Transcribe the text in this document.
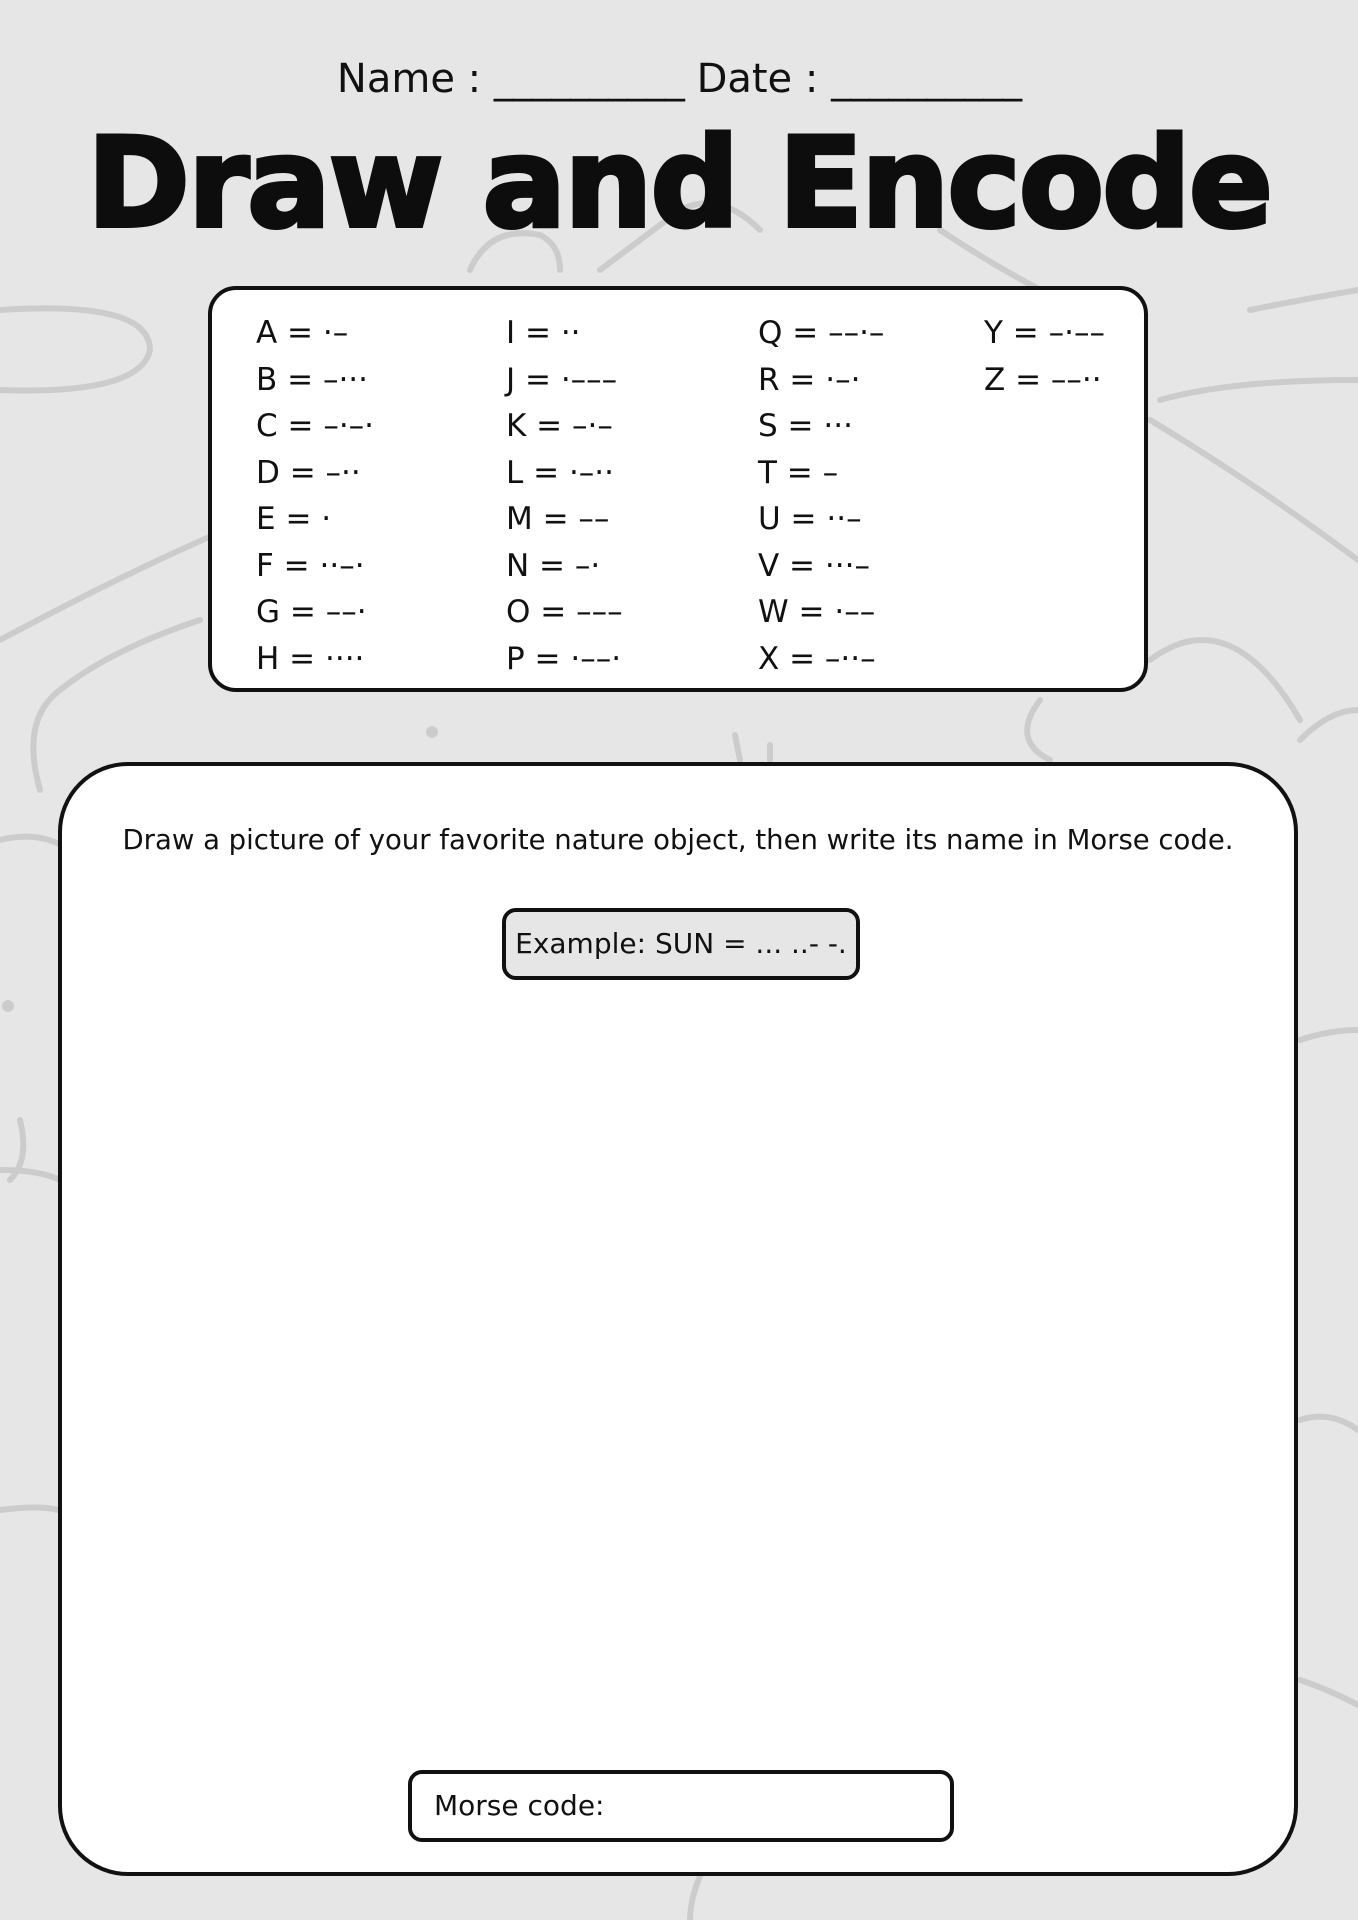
Name : __________ Date : __________
Draw and Encode
A = ·–
B = –···
C = –·–·
D = –··
E = ·
F = ··–·
G = ––·
H = ····
I = ··
J = ·–––
K = –·–
L = ·–··
M = ––
N = –·
O = –––
P = ·––·
Q = ––·–
R = ·–·
S = ···
T = –
U = ··–
V = ···–
W = ·––
X = –··–
Y = –·––
Z = ––··
Draw a picture of your favorite nature object, then write its name in Morse code.
Example: SUN = ... ..- -.
Morse code:
